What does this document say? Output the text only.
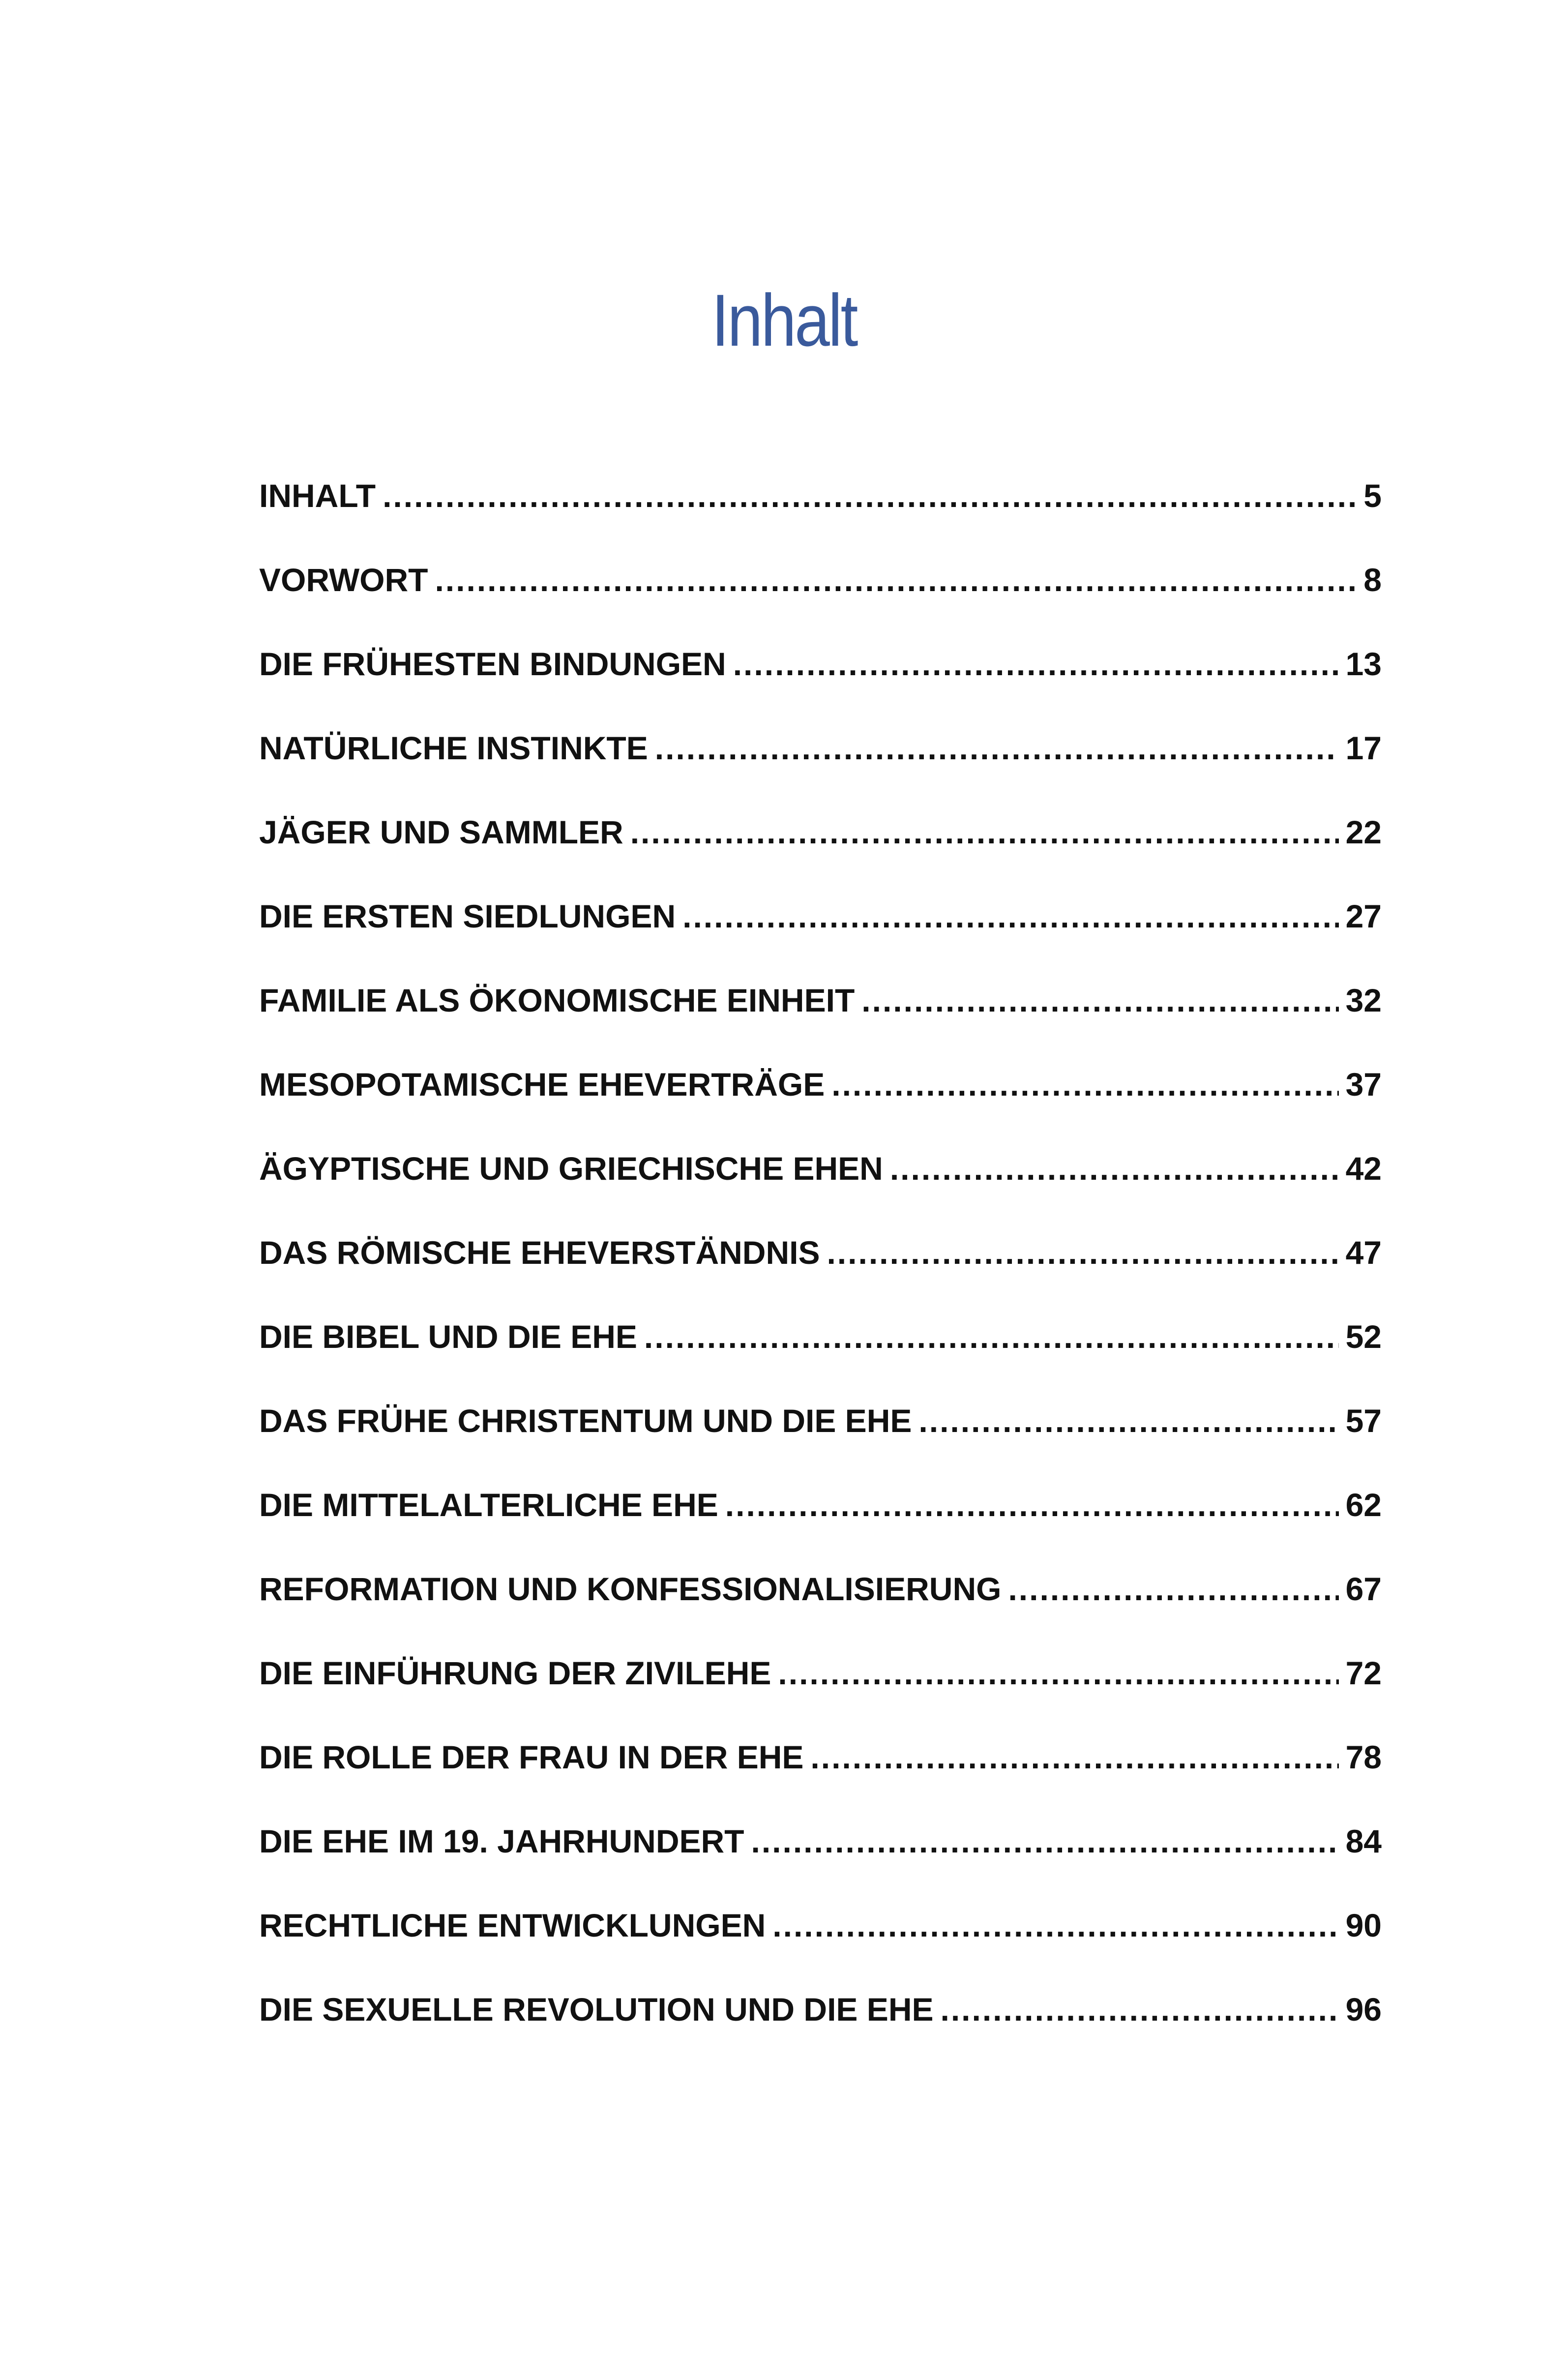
Inhalt
INHALT .....	5
VORWORT .....	8
DIE FRÜHESTEN BINDUNGEN .....	13
NATÜRLICHE INSTINKTE .....	17
JÄGER UND SAMMLER .....	22
DIE ERSTEN SIEDLUNGEN .....	27
FAMILIE ALS ÖKONOMISCHE EINHEIT .....	32
MESOPOTAMISCHE EHEVERTRÄGE .....	37
ÄGYPTISCHE UND GRIECHISCHE EHEN .....	42
DAS RÖMISCHE EHEVERSTÄNDNIS .....	47
DIE BIBEL UND DIE EHE .....	52
DAS FRÜHE CHRISTENTUM UND DIE EHE .....	57
DIE MITTELALTERLICHE EHE .....	62
REFORMATION UND KONFESSIONALISIERUNG .....	67
DIE EINFÜHRUNG DER ZIVILEHE .....	72
DIE ROLLE DER FRAU IN DER EHE .....	78
DIE EHE IM 19. JAHRHUNDERT .....	84
RECHTLICHE ENTWICKLUNGEN .....	90
DIE SEXUELLE REVOLUTION UND DIE EHE .....	96
